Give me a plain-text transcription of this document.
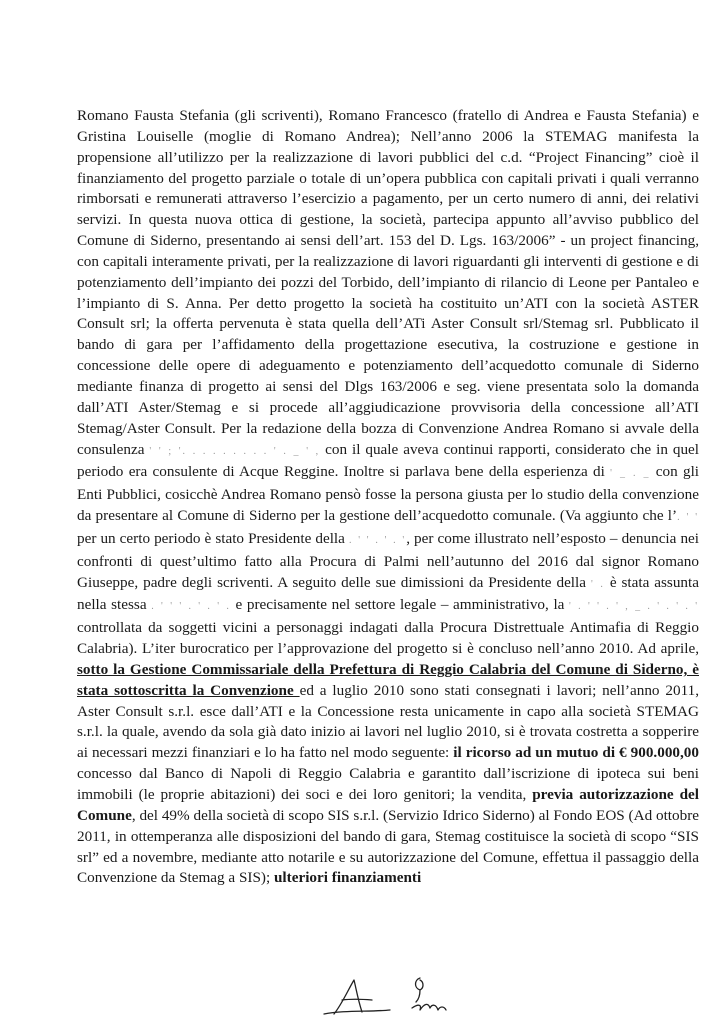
Romano Fausta Stefania (gli scriventi), Romano Francesco (fratello di Andrea e Fausta Stefania) e Gristina Louiselle (moglie di Romano Andrea); Nell’anno 2006 la STEMAG manifesta la propensione all’utilizzo per la realizzazione di lavori pubblici del c.d. “Project Financing” cioè il finanziamento del progetto parziale o totale di un’opera pubblica con capitali privati i quali verranno rimborsati e remunerati attraverso l’esercizio a pagamento, per un certo numero di anni, dei relativi servizi. In questa nuova ottica di gestione, la società, partecipa appunto all’avviso pubblico del Comune di Siderno, presentando ai sensi dell’art. 153 del D. Lgs. 163/2006” - un project financing, con capitali interamente privati, per la realizzazione di lavori riguardanti gli interventi di gestione e di potenziamento dell’impianto dei pozzi del Torbido, dell’impianto di rilancio di Leone per Pantaleo e l’impianto di S. Anna. Per detto progetto la società ha costituito un’ATI con la società ASTER Consult srl; la offerta pervenuta è stata quella dell’ATi Aster Consult srl/Stemag srl. Pubblicato il bando di gara per l’affidamento della progettazione esecutiva, la costruzione e gestione in concessione delle opere di adeguamento e potenziamento dell’acquedotto comunale di Siderno mediante finanza di progetto ai sensi del Dlgs 163/2006 e seg. viene presentata solo la domanda dall’ATI Aster/Stemag e si procede all’aggiudicazione provvisoria della concessione all’ATI Stemag/Aster Consult. Per la redazione della bozza di Convenzione Andrea Romano si avvale della consulenza ' ' ; '. . . . . . . . . ' . _ ' , con il quale aveva continui rapporti, considerato che in quel periodo era consulente di Acque Reggine. Inoltre si parlava bene della esperienza di ' _ . _ con gli Enti Pubblici, cosicchè Andrea Romano pensò fosse la persona giusta per lo studio della convenzione da presentare al Comune di Siderno per la gestione dell’acquedotto comunale. (Va aggiunto che l’. ' ' per un certo periodo è stato Presidente della . ' ' . ' . ', per come illustrato nell’esposto – denuncia nei confronti di quest’ultimo fatto alla Procura di Palmi nell’autunno del 2016 dal signor Romano Giuseppe, padre degli scriventi. A seguito delle sue dimissioni da Presidente della ' . è stata assunta nella stessa . ' ' ' . ' . ' . e precisamente nel settore legale – amministrativo, la ' . ' ' . ' , _ . ' . ' . ' controllata da soggetti vicini a personaggi indagati dalla Procura Distrettuale Antimafia di Reggio Calabria). L’iter burocratico per l’approvazione del progetto si è concluso nell’anno 2010. Ad aprile, sotto la Gestione Commissariale della Prefettura di Reggio Calabria del Comune di Siderno, è stata sottoscritta la Convenzione ed a luglio 2010 sono stati consegnati i lavori; nell’anno 2011, Aster Consult s.r.l. esce dall’ATI e la Concessione resta unicamente in capo alla società STEMAG s.r.l. la quale, avendo da sola già dato inizio ai lavori nel luglio 2010, si è trovata costretta a sopperire ai necessari mezzi finanziari e lo ha fatto nel modo seguente: il ricorso ad un mutuo di € 900.000,00 concesso dal Banco di Napoli di Reggio Calabria e garantito dall’iscrizione di ipoteca sui beni immobili (le proprie abitazioni) dei soci e dei loro genitori; la vendita, previa autorizzazione del Comune, del 49% della società di scopo SIS s.r.l. (Servizio Idrico Siderno) al Fondo EOS (Ad ottobre 2011, in ottemperanza alle disposizioni del bando di gara, Stemag costituisce la società di scopo “SIS srl” ed a novembre, mediante atto notarile e su autorizzazione del Comune, effettua il passaggio della Convenzione da Stemag a SIS); ulteriori finanziamenti
